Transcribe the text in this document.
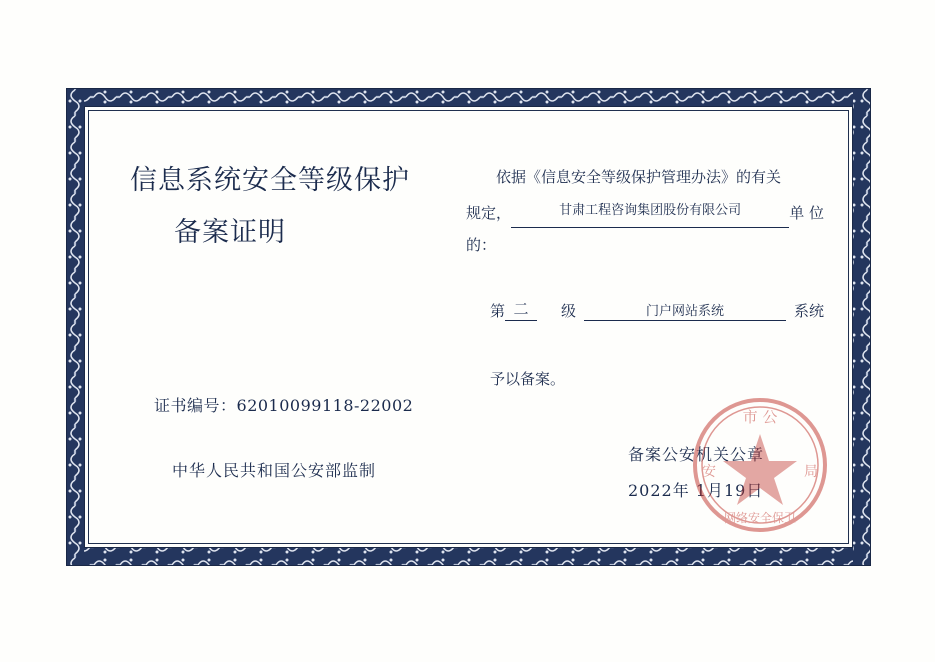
信息系统安全等级保护
备案证明
证书编号：62010099118-22002
中华人民共和国公安部监制
依据《信息安全等级保护管理办法》的有关
规定，	甘肃工程咨询集团股份有限公司	单 位
的：
第 二	级	门户网站系统	系统
予以备案。
备案公安机关公章
2022年 1月19日
市 公
网络安全保卫
安	局
